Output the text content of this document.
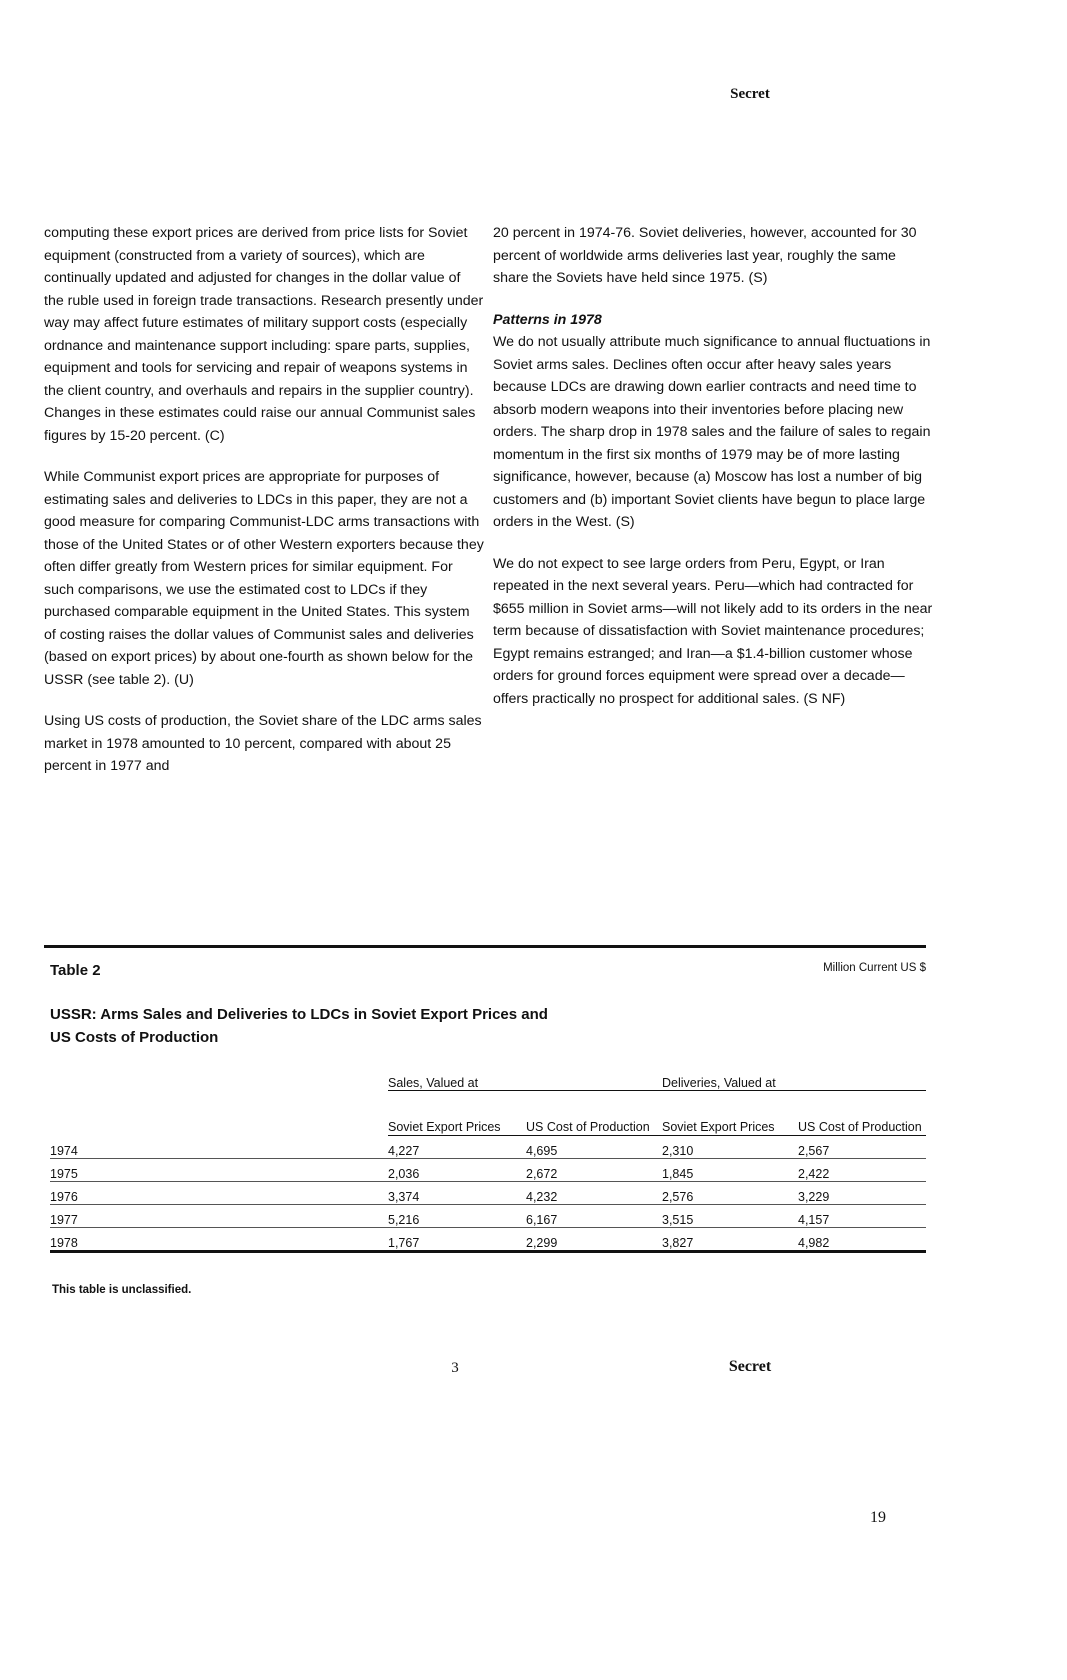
Secret

computing these export prices are derived from price lists for Soviet equipment (constructed from a variety of sources), which are continually updated and adjusted for changes in the dollar value of the ruble used in foreign trade transactions. Research presently under way may affect future estimates of military support costs (especially ordnance and maintenance support including: spare parts, supplies, equipment and tools for servicing and repair of weapons systems in the client country, and overhauls and repairs in the supplier country). Changes in these estimates could raise our annual Communist sales figures by 15-20 percent. (C)

While Communist export prices are appropriate for purposes of estimating sales and deliveries to LDCs in this paper, they are not a good measure for comparing Communist-LDC arms transactions with those of the United States or of other Western exporters because they often differ greatly from Western prices for similar equipment. For such comparisons, we use the estimated cost to LDCs if they purchased comparable equipment in the United States. This system of costing raises the dollar values of Communist sales and deliveries (based on export prices) by about one-fourth as shown below for the USSR (see table 2). (U)

Using US costs of production, the Soviet share of the LDC arms sales market in 1978 amounted to 10 percent, compared with about 25 percent in 1977 and

20 percent in 1974-76. Soviet deliveries, however, accounted for 30 percent of worldwide arms deliveries last year, roughly the same share the Soviets have held since 1975. (S)

Patterns in 1978

We do not usually attribute much significance to annual fluctuations in Soviet arms sales. Declines often occur after heavy sales years because LDCs are drawing down earlier contracts and need time to absorb modern weapons into their inventories before placing new orders. The sharp drop in 1978 sales and the failure of sales to regain momentum in the first six months of 1979 may be of more lasting significance, however, because (a) Moscow has lost a number of big customers and (b) important Soviet clients have begun to place large orders in the West. (S)

We do not expect to see large orders from Peru, Egypt, or Iran repeated in the next several years. Peru—which had contracted for $655 million in Soviet arms—will not likely add to its orders in the near term because of dissatisfaction with Soviet maintenance procedures; Egypt remains estranged; and Iran—a $1.4-billion customer whose orders for ground forces equipment were spread over a decade—offers practically no prospect for additional sales. (S NF)

Table 2	Million Current US $
USSR: Arms Sales and Deliveries to LDCs in Soviet Export Prices and US Costs of Production
	Sales, Valued at		Deliveries, Valued at	
	Soviet Export Prices	US Cost of Production	Soviet Export Prices	US Cost of Production
1974	4,227	4,695	2,310	2,567
1975	2,036	2,672	1,845	2,422
1976	3,374	4,232	2,576	3,229
1977	5,216	6,167	3,515	4,157
1978	1,767	2,299	3,827	4,982
This table is unclassified.
3	Secret
19
